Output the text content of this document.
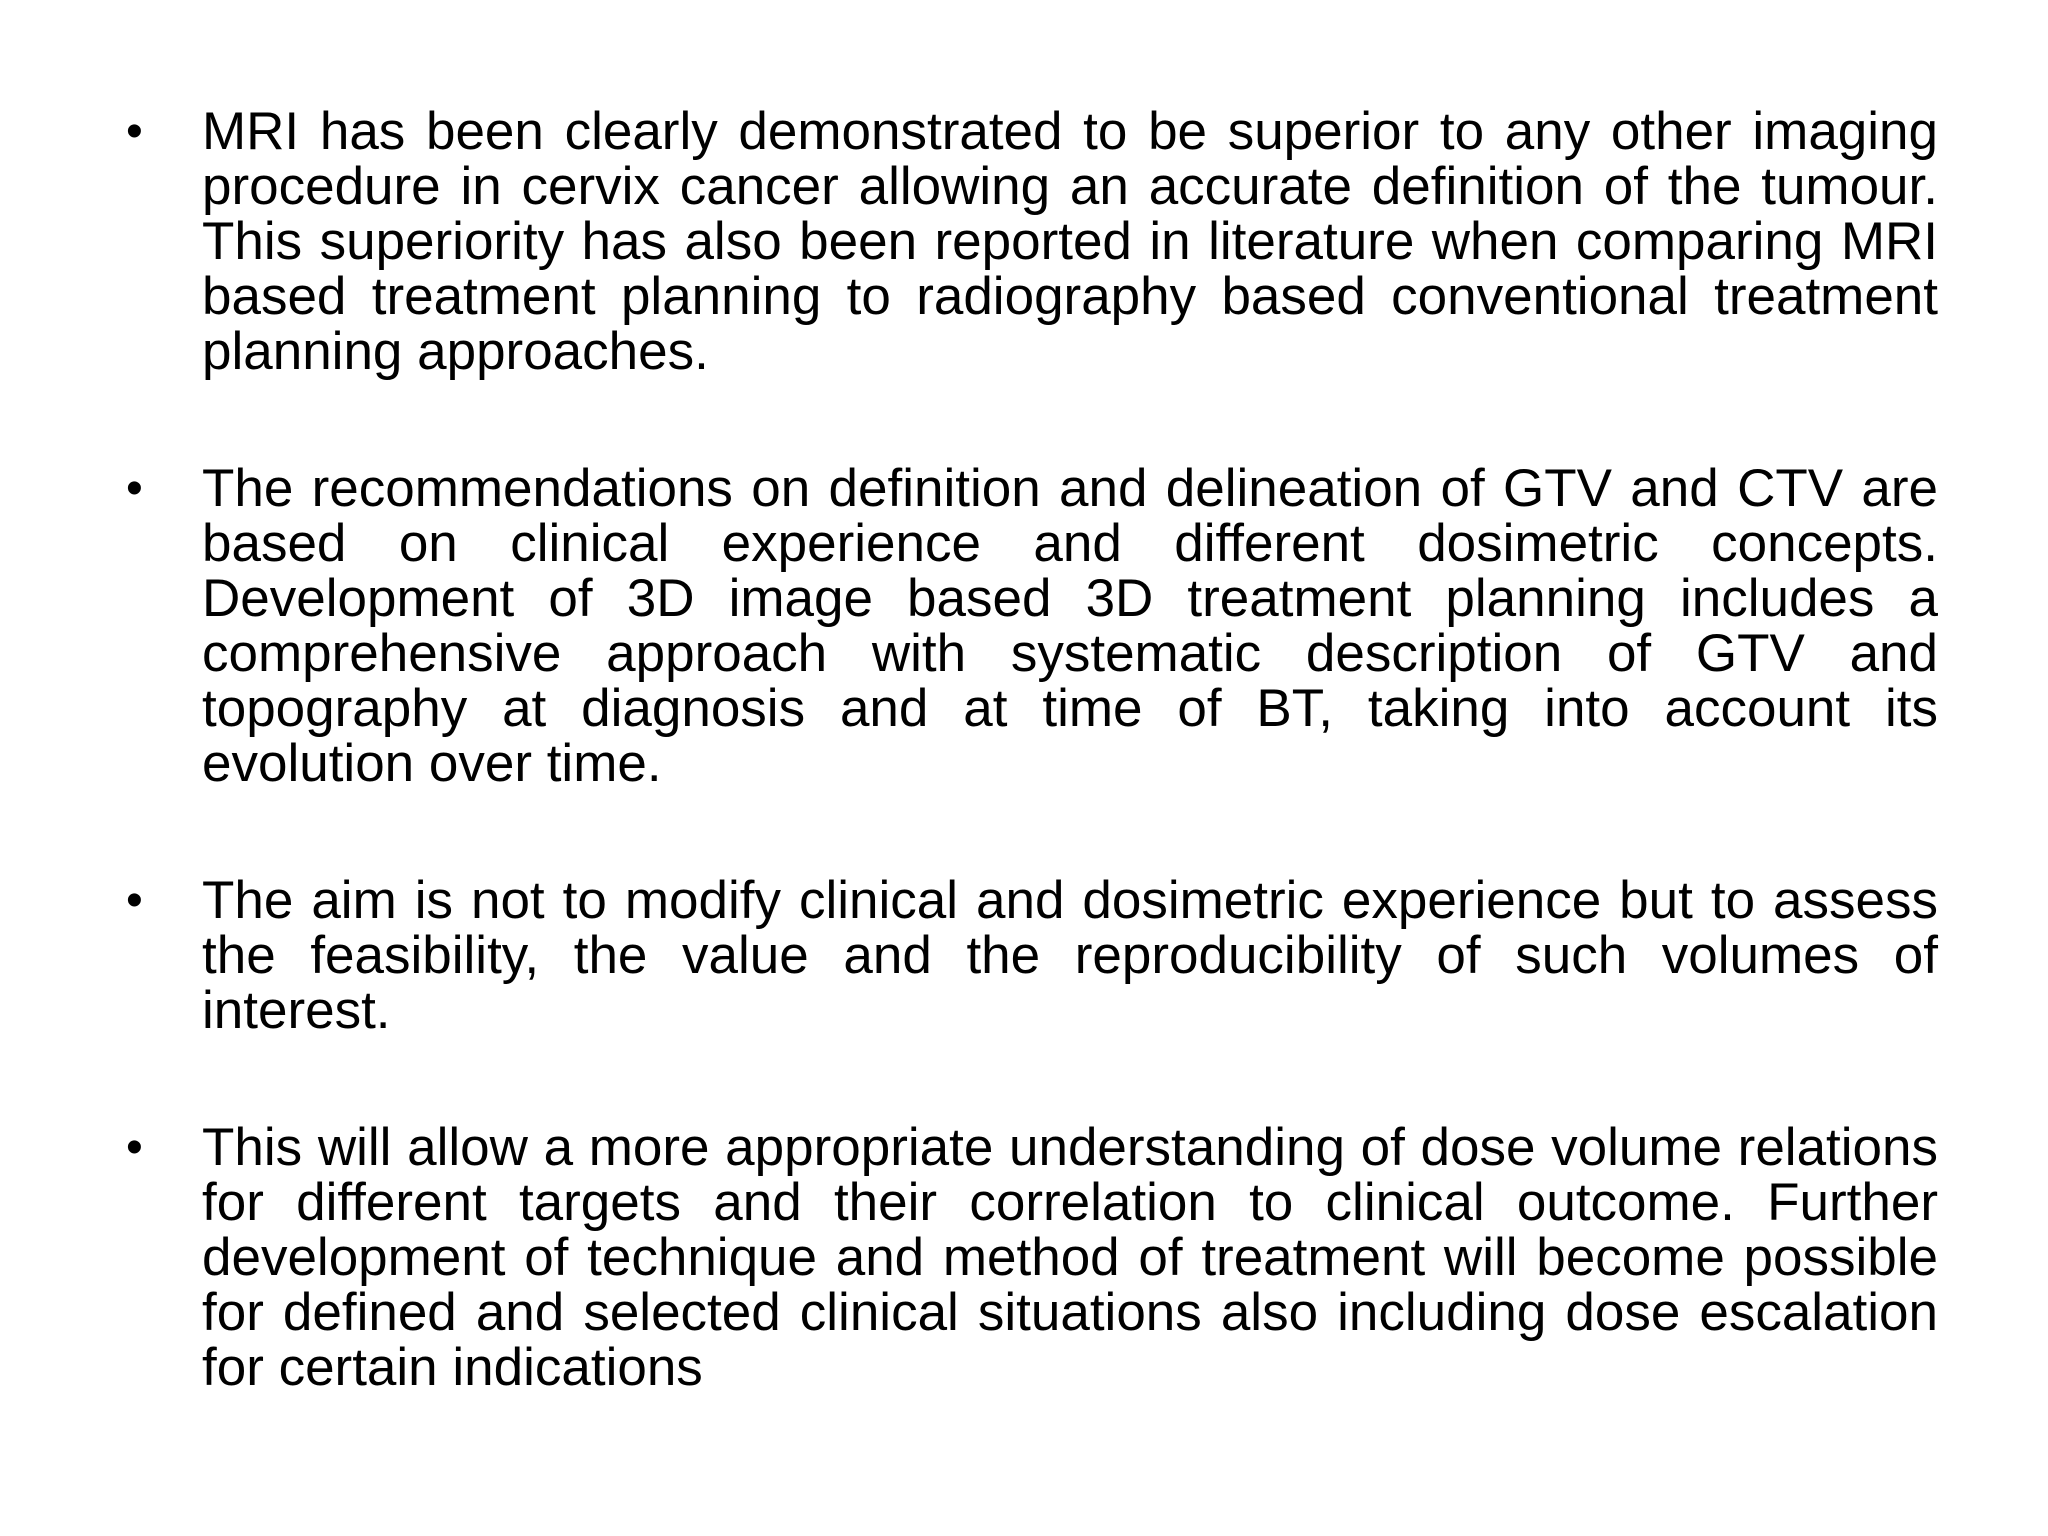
•	MRI has been clearly demonstrated to be superior to any other imaging procedure in cervix cancer allowing an accurate definition of the tumour. This superiority has also been reported in literature when comparing MRI based treatment planning to radiography based conventional treatment planning approaches.
•	The recommendations on definition and delineation of GTV and CTV are based on clinical experience and different dosimetric concepts. Development of 3D image based 3D treatment planning includes a comprehensive approach with systematic description of GTV and topography at diagnosis and at time of BT, taking into account its evolution over time.
•	The aim is not to modify clinical and dosimetric experience but to assess the feasibility, the value and the reproducibility of such volumes of interest.
•	This will allow a more appropriate understanding of dose volume relations for different targets and their correlation to clinical outcome. Further development of technique and method of treatment will become possible for defined and selected clinical situations also including dose escalation for certain indications
